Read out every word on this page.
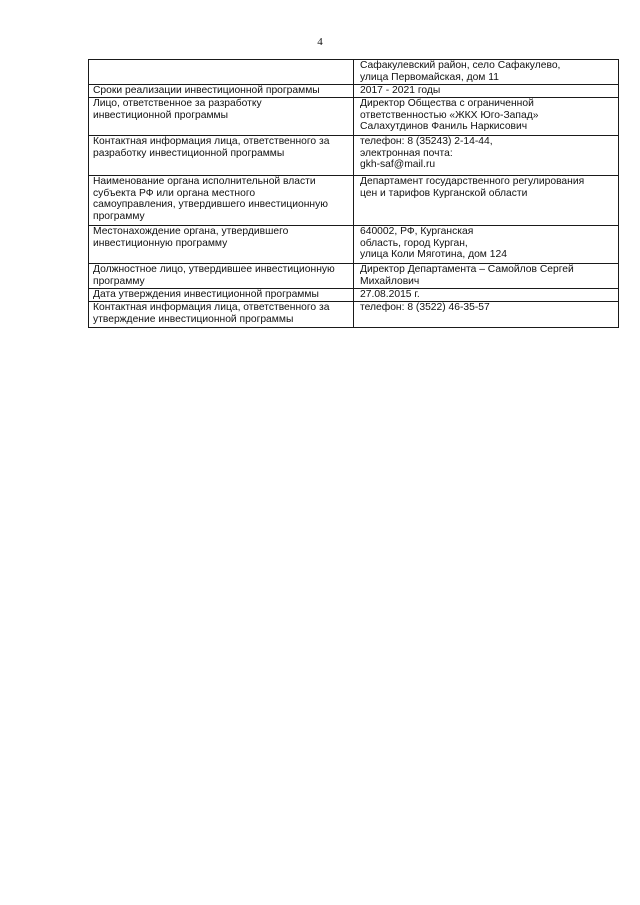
4
	Сафакулевский район, село Сафакулево,
улица Первомайская, дом 11
Сроки реализации инвестиционной программы	2017 - 2021 годы
Лицо, ответственное за разработку
инвестиционной программы	Директор Общества с ограниченной
ответственностью «ЖКХ Юго-Запад»
Салахутдинов Фаниль Наркисович
Контактная информация лица, ответственного за
разработку инвестиционной программы	телефон: 8 (35243) 2-14-44,
электронная почта:
gkh-saf@mail.ru
Наименование органа исполнительной власти
субъекта РФ или органа местного
самоуправления, утвердившего инвестиционную
программу	Департамент государственного регулирования
цен и тарифов Курганской области
Местонахождение органа, утвердившего
инвестиционную программу	640002, РФ, Курганская
область, город Курган,
улица Коли Мяготина, дом 124
Должностное лицо, утвердившее инвестиционную
программу	Директор Департамента – Самойлов Сергей
Михайлович
Дата утверждения инвестиционной программы	27.08.2015 г.
Контактная информация лица, ответственного за
утверждение инвестиционной программы	телефон: 8 (3522) 46-35-57
